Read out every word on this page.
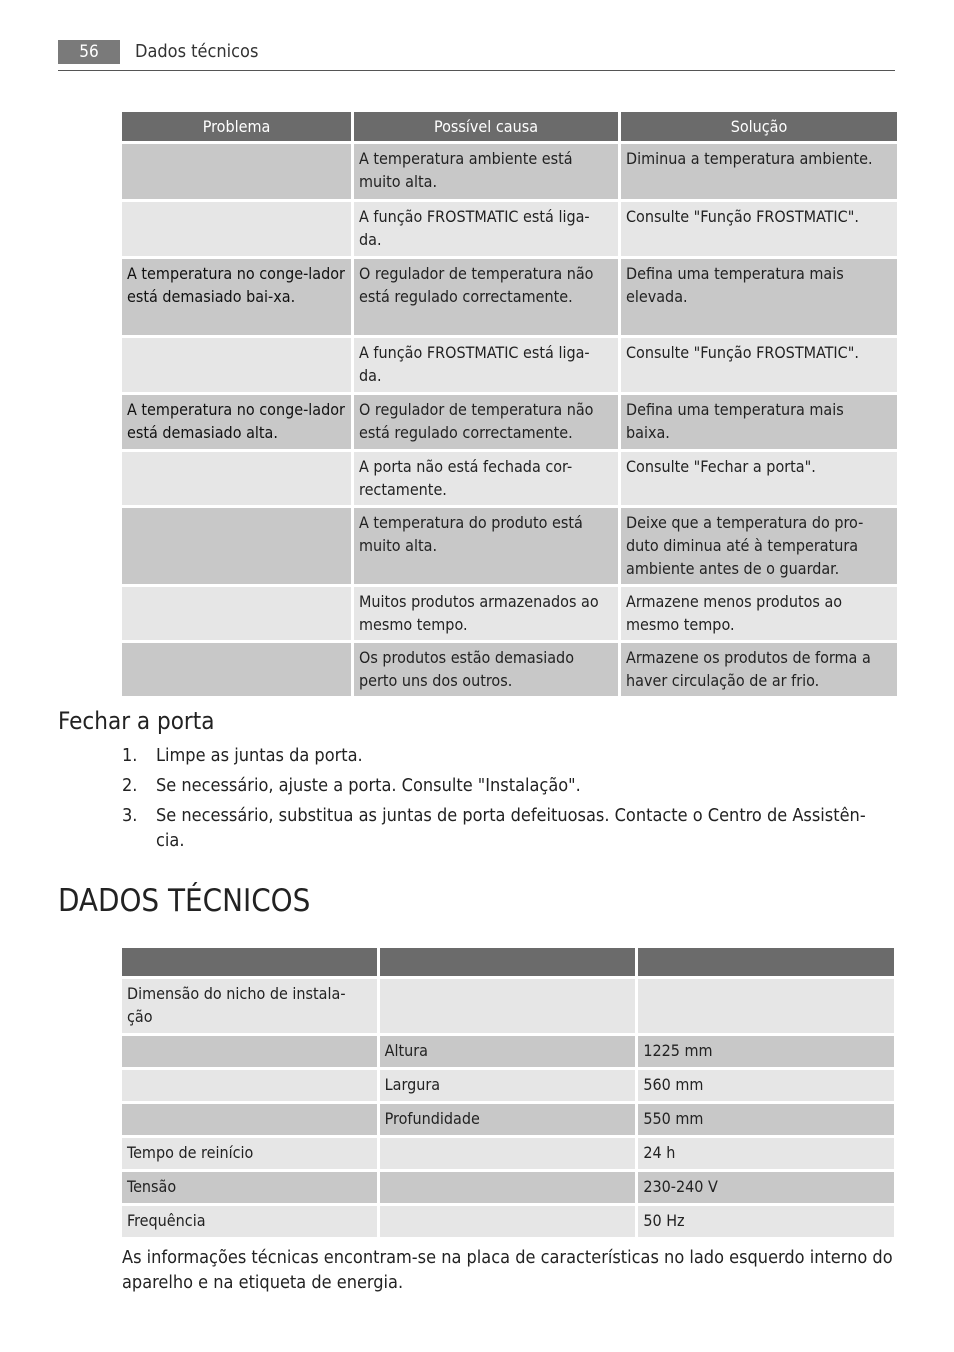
56	Dados técnicos
Problema	Possível causa	Solução
	A temperatura ambiente está muito alta.	Diminua a temperatura ambiente.
	A função FROSTMATIC está liga-da.	Consulte "Função FROSTMATIC".
A temperatura no conge-lador está demasiado bai-xa.	O regulador de temperatura não está regulado correctamente.	Defina uma temperatura mais elevada.
	A função FROSTMATIC está liga-da.	Consulte "Função FROSTMATIC".
A temperatura no conge-lador está demasiado alta.	O regulador de temperatura não está regulado correctamente.	Defina uma temperatura mais baixa.
	A porta não está fechada cor-rectamente.	Consulte "Fechar a porta".
	A temperatura do produto está muito alta.	Deixe que a temperatura do pro-duto diminua até à temperatura ambiente antes de o guardar.
	Muitos produtos armazenados ao mesmo tempo.	Armazene menos produtos ao mesmo tempo.
	Os produtos estão demasiado perto uns dos outros.	Armazene os produtos de forma a haver circulação de ar frio.
Fechar a porta
1. Limpe as juntas da porta.
2. Se necessário, ajuste a porta. Consulte "Instalação".
3. Se necessário, substitua as juntas de porta defeituosas. Contacte o Centro de Assistên-cia.
DADOS TÉCNICOS

Dimensão do nicho de instala-ção		
	Altura	1225 mm
	Largura	560 mm
	Profundidade	550 mm
Tempo de reinício		24 h
Tensão		230-240 V
Frequência		50 Hz
As informações técnicas encontram-se na placa de características no lado esquerdo interno do aparelho e na etiqueta de energia.
